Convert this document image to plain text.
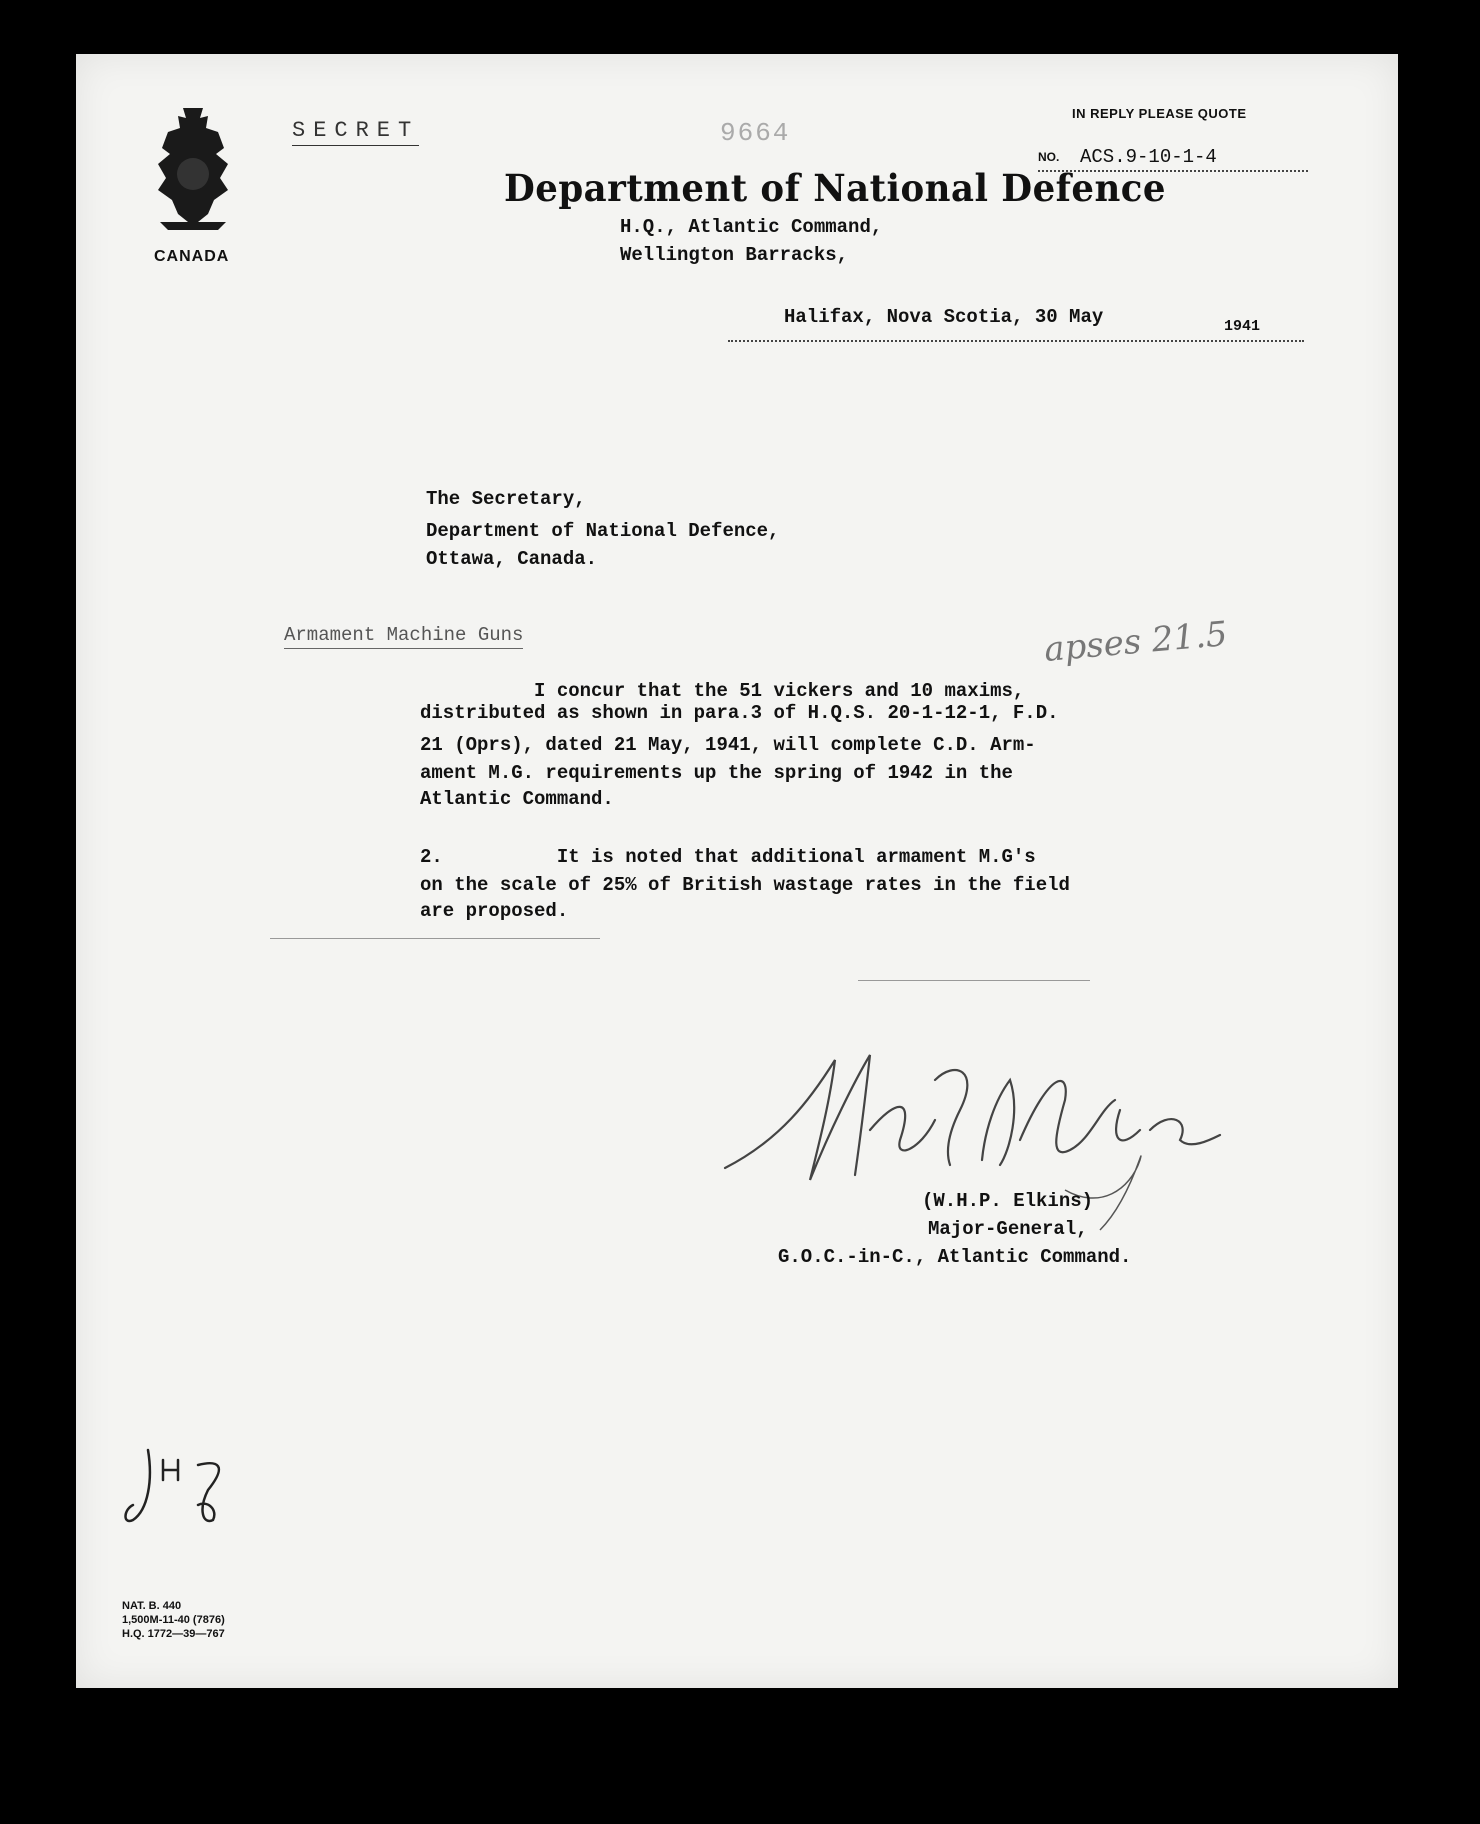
CANADA
SECRET	9664
IN REPLY PLEASE QUOTE
NO. ACS.9-10-1-4
Department of National Defence
H.Q., Atlantic Command,
Wellington Barracks,
Halifax, Nova Scotia, 30 May	1941
The Secretary,
Department of National Defence,
Ottawa, Canada.
Armament Machine Guns	apses 21.5
I concur that the 51 vickers and 10 maxims,
distributed as shown in para.3 of H.Q.S. 20-1-12-1, F.D.
21 (Oprs), dated 21 May, 1941, will complete C.D. Arm-
ament M.G. requirements up the spring of 1942 in the
Atlantic Command.
2.          It is noted that additional armament M.G's
on the scale of 25% of British wastage rates in the field
are proposed.
(W.H.P. Elkins)
Major-General,
G.O.C.-in-C., Atlantic Command.
NAT. B. 440
1,500M-11-40 (7876)
H.Q. 1772—39—767
